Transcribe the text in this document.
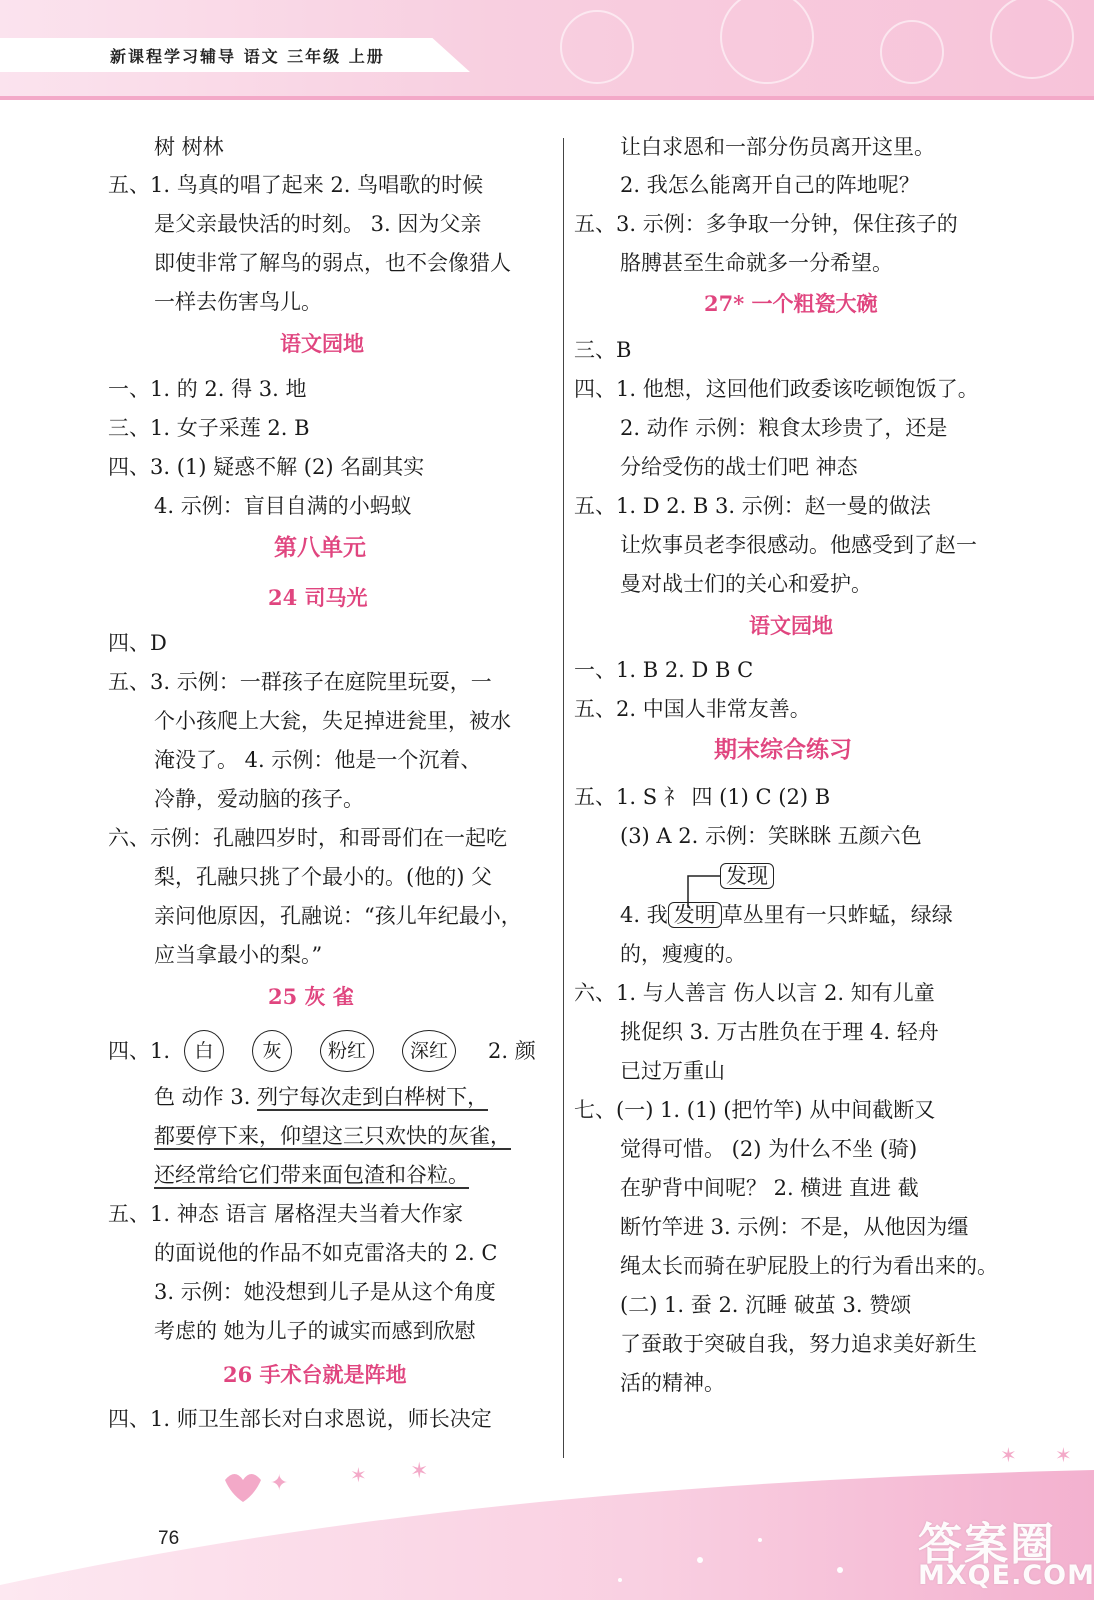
新课程学习辅导 语文 三年级 上册
树 树林
五、1. 鸟真的唱了起来 2. 鸟唱歌的时候
是父亲最快活的时刻。 3. 因为父亲
即使非常了解鸟的弱点，也不会像猎人
一样去伤害鸟儿。
语文园地
一、1. 的 2. 得 3. 地
三、1. 女子采莲 2. B
四、3. (1) 疑惑不解 (2) 名副其实
4. 示例：盲目自满的小蚂蚁
第八单元
24 司马光
四、D
五、3. 示例：一群孩子在庭院里玩耍，一
个小孩爬上大瓮，失足掉进瓮里，被水
淹没了。 4. 示例：他是一个沉着、
冷静，爱动脑的孩子。
六、示例：孔融四岁时，和哥哥们在一起吃
梨，孔融只挑了个最小的。(他的) 父
亲问他原因，孔融说：“孩儿年纪最小，
应当拿最小的梨。”
25 灰 雀
四、1.	白	灰 粉红 深红	2. 颜
色 动作 3. 列宁每次走到白桦树下，
都要停下来，仰望这三只欢快的灰雀，
还经常给它们带来面包渣和谷粒。
五、1. 神态 语言 屠格涅夫当着大作家
的面说他的作品不如克雷洛夫的 2. C
3. 示例：她没想到儿子是从这个角度
考虑的 她为儿子的诚实而感到欣慰
26 手术台就是阵地
四、1. 师卫生部长对白求恩说，师长决定
让白求恩和一部分伤员离开这里。
2. 我怎么能离开自己的阵地呢？
五、3. 示例：多争取一分钟，保住孩子的
胳膊甚至生命就多一分希望。
27* 一个粗瓷大碗
三、B
四、1. 他想，这回他们政委该吃顿饱饭了。
2. 动作 示例：粮食太珍贵了，还是
分给受伤的战士们吧 神态
五、1. D 2. B 3. 示例：赵一曼的做法
让炊事员老李很感动。他感受到了赵一
曼对战士们的关心和爱护。
语文园地
一、1. B 2. D B C
五、2. 中国人非常友善。
期末综合练习
五、1. S 礻 四 (1) C (2) B
(3) A 2. 示例：笑眯眯 五颜六色
发现
4. 我 发明 草丛里有一只蚱蜢，绿绿
的，瘦瘦的。
六、1. 与人善言 伤人以言 2. 知有儿童
挑促织 3. 万古胜负在于理 4. 轻舟
已过万重山
七、(一) 1. (1) (把竹竿) 从中间截断又
觉得可惜。 (2) 为什么不坐 (骑)
在驴背中间呢？ 2. 横进 直进 截
断竹竿进 3. 示例：不是，从他因为缰
绳太长而骑在驴屁股上的行为看出来的。
(二) 1. 蚕 2. 沉睡 破茧 3. 赞颂
了蚕敢于突破自我，努力追求美好新生
活的精神。
✦	✶ ✶
✶ ✶
76	答案圈
MXQE.COM
